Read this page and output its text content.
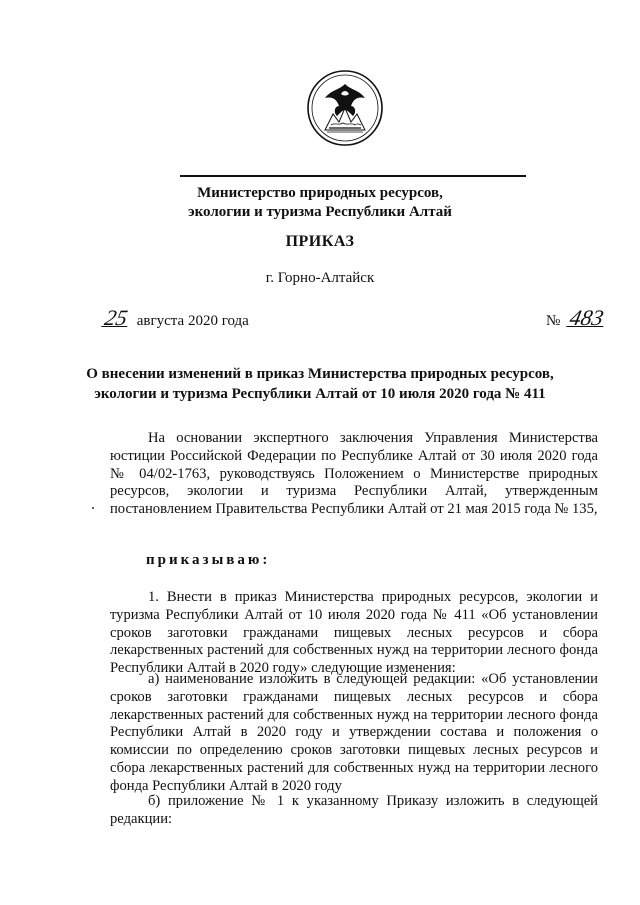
Министерство природных ресурсов,
экологии и туризма Республики Алтай
ПРИКАЗ
г. Горно-Алтайск
25 августа 2020 года	№ 483
О внесении изменений в приказ Министерства природных ресурсов,
экологии и туризма Республики Алтай от 10 июля 2020 года № 411

На основании экспертного заключения Управления Министерства юстиции Российской Федерации по Республике Алтай от 30 июля 2020 года № 04/02-1763, руководствуясь Положением о Министерстве природных ресурсов, экологии и туризма Республики Алтай, утвержденным постановлением Правительства Республики Алтай от 21 мая 2015 года № 135,

приказываю:

1. Внести в приказ Министерства природных ресурсов, экологии и туризма Республики Алтай от 10 июля 2020 года № 411 «Об установлении сроков заготовки гражданами пищевых лесных ресурсов и сбора лекарственных растений для собственных нужд на территории лесного фонда Республики Алтай в 2020 году» следующие изменения:

а) наименование изложить в следующей редакции: «Об установлении сроков заготовки гражданами пищевых лесных ресурсов и сбора лекарственных растений для собственных нужд на территории лесного фонда Республики Алтай в 2020 году и утверждении состава и положения о комиссии по определению сроков заготовки пищевых лесных ресурсов и сбора лекарственных растений для собственных нужд на территории лесного фонда Республики Алтай в 2020 году

б) приложение № 1 к указанному Приказу изложить в следующей редакции:
